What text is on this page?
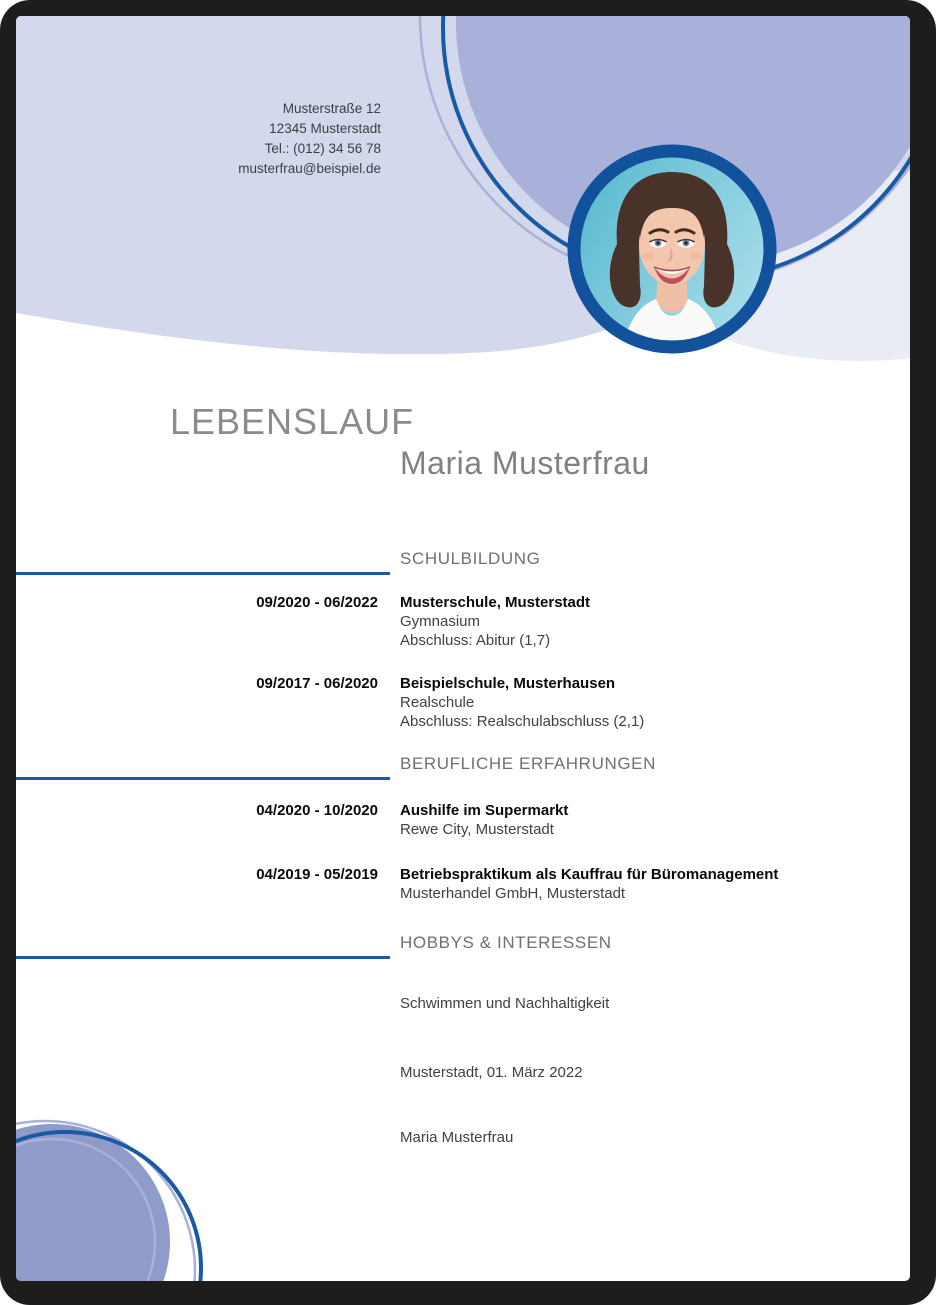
Musterstraße 12
12345 Musterstadt
Tel.: (012) 34 56 78
musterfrau@beispiel.de
LEBENSLAUF
Maria Musterfrau
SCHULBILDUNG
09/2020 - 06/2022 Musterschule, Musterstadt
Gymnasium
Abschluss: Abitur (1,7)
09/2017 - 06/2020 Beispielschule, Musterhausen
Realschule
Abschluss: Realschulabschluss (2,1)
BERUFLICHE ERFAHRUNGEN
04/2020 - 10/2020 Aushilfe im Supermarkt
Rewe City, Musterstadt
04/2019 - 05/2019 Betriebspraktikum als Kauffrau für Büromanagement
Musterhandel GmbH, Musterstadt
HOBBYS & INTERESSEN
Schwimmen und Nachhaltigkeit
Musterstadt, 01. März 2022
Maria Musterfrau
